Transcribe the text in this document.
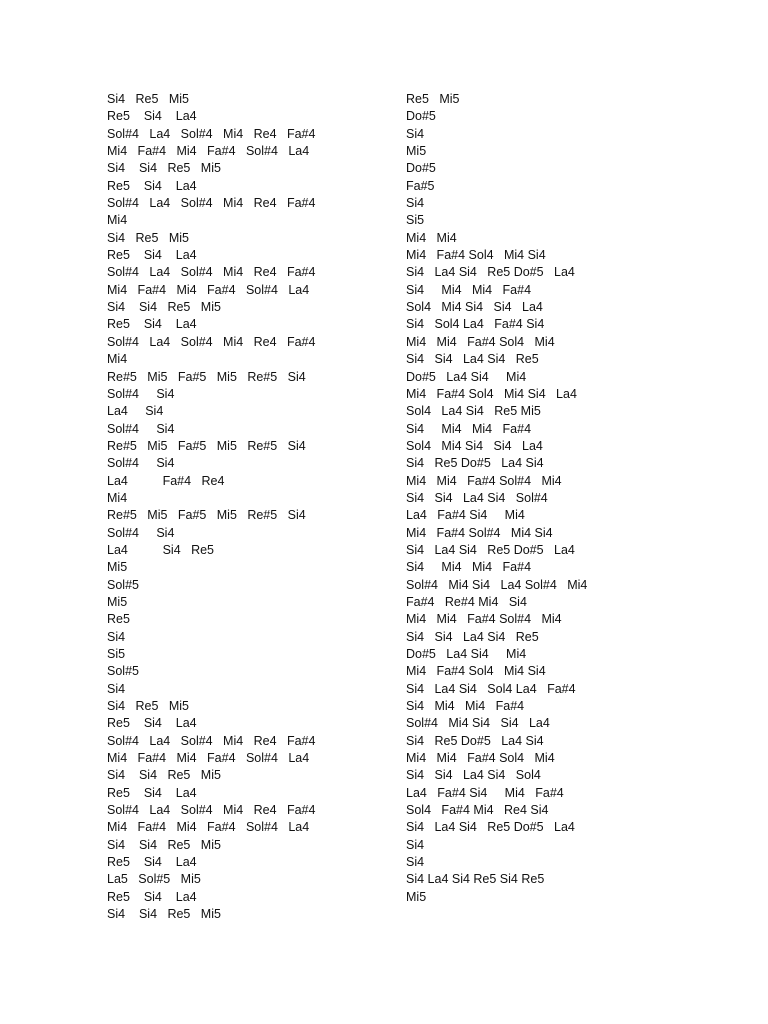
Si4   Re5   Mi5
Re5    Si4    La4
Sol#4   La4   Sol#4   Mi4   Re4   Fa#4
Mi4   Fa#4   Mi4   Fa#4   Sol#4   La4
Si4    Si4   Re5   Mi5
Re5    Si4    La4
Sol#4   La4   Sol#4   Mi4   Re4   Fa#4
Mi4
Si4   Re5   Mi5
Re5    Si4    La4
Sol#4   La4   Sol#4   Mi4   Re4   Fa#4
Mi4   Fa#4   Mi4   Fa#4   Sol#4   La4
Si4    Si4   Re5   Mi5
Re5    Si4    La4
Sol#4   La4   Sol#4   Mi4   Re4   Fa#4
Mi4
Re#5   Mi5   Fa#5   Mi5   Re#5   Si4
Sol#4     Si4
La4     Si4
Sol#4     Si4
Re#5   Mi5   Fa#5   Mi5   Re#5   Si4
Sol#4     Si4
La4          Fa#4   Re4
Mi4
Re#5   Mi5   Fa#5   Mi5   Re#5   Si4
Sol#4     Si4
La4          Si4   Re5
Mi5
Sol#5
Mi5
Re5
Si4
Si5
Sol#5
Si4
Si4   Re5   Mi5
Re5    Si4    La4
Sol#4   La4   Sol#4   Mi4   Re4   Fa#4
Mi4   Fa#4   Mi4   Fa#4   Sol#4   La4
Si4    Si4   Re5   Mi5
Re5    Si4    La4
Sol#4   La4   Sol#4   Mi4   Re4   Fa#4
Mi4   Fa#4   Mi4   Fa#4   Sol#4   La4
Si4    Si4   Re5   Mi5
Re5    Si4    La4
La5   Sol#5   Mi5
Re5    Si4    La4
Si4    Si4   Re5   Mi5
Re5   Mi5
Do#5
Si4
Mi5
Do#5
Fa#5
Si4
Si5
Mi4   Mi4
Mi4   Fa#4 Sol4   Mi4 Si4
Si4   La4 Si4   Re5 Do#5   La4
Si4     Mi4   Mi4   Fa#4
Sol4   Mi4 Si4   Si4   La4
Si4   Sol4 La4   Fa#4 Si4
Mi4   Mi4   Fa#4 Sol4   Mi4
Si4   Si4   La4 Si4   Re5
Do#5   La4 Si4     Mi4
Mi4   Fa#4 Sol4   Mi4 Si4   La4
Sol4   La4 Si4   Re5 Mi5
Si4     Mi4   Mi4   Fa#4
Sol4   Mi4 Si4   Si4   La4
Si4   Re5 Do#5   La4 Si4
Mi4   Mi4   Fa#4 Sol#4   Mi4
Si4   Si4   La4 Si4   Sol#4
La4   Fa#4 Si4     Mi4
Mi4   Fa#4 Sol#4   Mi4 Si4
Si4   La4 Si4   Re5 Do#5   La4
Si4     Mi4   Mi4   Fa#4
Sol#4   Mi4 Si4   La4 Sol#4   Mi4
Fa#4   Re#4 Mi4   Si4
Mi4   Mi4   Fa#4 Sol#4   Mi4
Si4   Si4   La4 Si4   Re5
Do#5   La4 Si4     Mi4
Mi4   Fa#4 Sol4   Mi4 Si4
Si4   La4 Si4   Sol4 La4   Fa#4
Si4   Mi4   Mi4   Fa#4
Sol#4   Mi4 Si4   Si4   La4
Si4   Re5 Do#5   La4 Si4
Mi4   Mi4   Fa#4 Sol4   Mi4
Si4   Si4   La4 Si4   Sol4
La4   Fa#4 Si4     Mi4   Fa#4
Sol4   Fa#4 Mi4   Re4 Si4
Si4   La4 Si4   Re5 Do#5   La4
Si4
Si4
Si4 La4 Si4 Re5 Si4 Re5
Mi5
